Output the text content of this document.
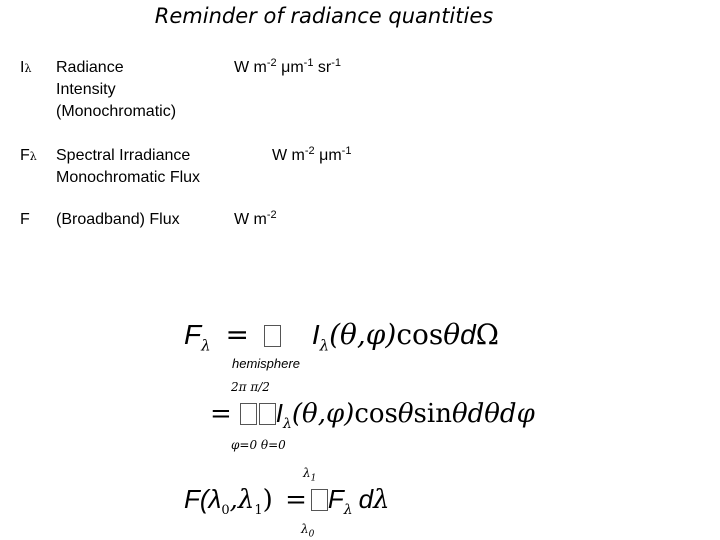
Reminder of radiance quantities
Iλ Radiance
Intensity
(Monochromatic)
W $m^{-2}$ $\mu m^{-1}$ $sr^{-1}$
Fλ Spectral Irradiance
Monochromatic Flux
W $m^{-2}$ $\mu m^{-1}$
F (Broadband) Flux	W $m^{-2}$
$F_\lambda = I_\lambda(\theta,\varphi)\cos\theta d\Omega$
hemisphere
2π π/2
= $I_\lambda(\theta,\varphi)\cos\theta\sin\theta d\theta d\varphi$
φ=0 θ=0
$\lambda_1$
$F(\lambda_0,\lambda_1) = F_\lambda$ dλ
$\lambda_0$
